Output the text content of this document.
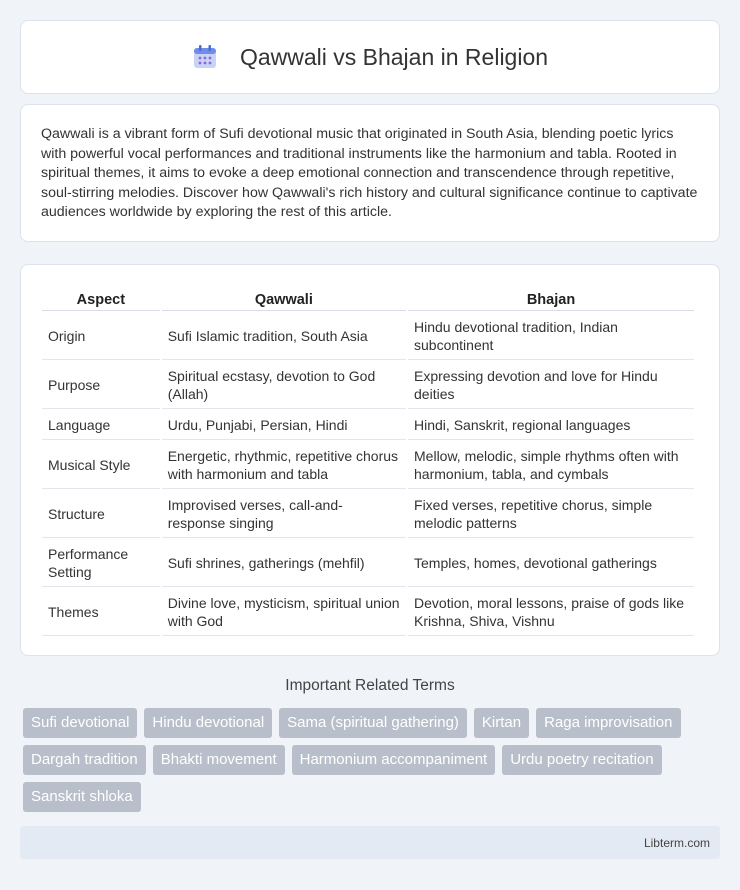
Qawwali vs Bhajan in Religion

Qawwali is a vibrant form of Sufi devotional music that originated in South Asia, blending poetic lyrics with powerful vocal performances and traditional instruments like the harmonium and tabla. Rooted in spiritual themes, it aims to evoke a deep emotional connection and transcendence through repetitive, soul-stirring melodies. Discover how Qawwali's rich history and cultural significance continue to captivate audiences worldwide by exploring the rest of this article.

Aspect	Qawwali	Bhajan
Origin	Sufi Islamic tradition, South Asia	Hindu devotional tradition, Indian subcontinent
Purpose	Spiritual ecstasy, devotion to God (Allah)	Expressing devotion and love for Hindu deities
Language	Urdu, Punjabi, Persian, Hindi	Hindi, Sanskrit, regional languages
Musical Style	Energetic, rhythmic, repetitive chorus with harmonium and tabla	Mellow, melodic, simple rhythms often with harmonium, tabla, and cymbals
Structure	Improvised verses, call-and-response singing	Fixed verses, repetitive chorus, simple melodic patterns
Performance Setting	Sufi shrines, gatherings (mehfil)	Temples, homes, devotional gatherings
Themes	Divine love, mysticism, spiritual union with God	Devotion, moral lessons, praise of gods like Krishna, Shiva, Vishnu
Important Related Terms
Sufi devotional	Hindu devotional	Sama (spiritual gathering)	Kirtan	Raga improvisation
Dargah tradition	Bhakti movement	Harmonium accompaniment	Urdu poetry recitation
Sanskrit shloka
Libterm.com
